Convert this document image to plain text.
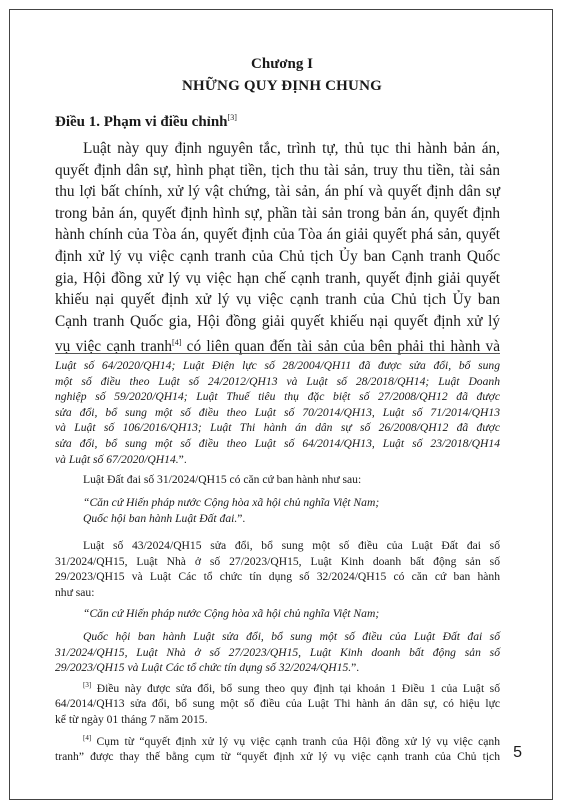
Chương I
NHỮNG QUY ĐỊNH CHUNG
Điều 1. Phạm vi điều chỉnh[3]
Luật này quy định nguyên tắc, trình tự, thủ tục thi hành bản án,
quyết định dân sự, hình phạt tiền, tịch thu tài sản, truy thu tiền, tài sản
thu lợi bất chính, xử lý vật chứng, tài sản, án phí và quyết định dân sự
trong bản án, quyết định hình sự, phần tài sản trong bản án, quyết định
hành chính của Tòa án, quyết định của Tòa án giải quyết phá sản, quyết
định xử lý vụ việc cạnh tranh của Chủ tịch Ủy ban Cạnh tranh Quốc
gia, Hội đồng xử lý vụ việc hạn chế cạnh tranh, quyết định giải quyết
khiếu nại quyết định xử lý vụ việc cạnh tranh của Chủ tịch Ủy ban
Cạnh tranh Quốc gia, Hội đồng giải quyết khiếu nại quyết định xử lý
vụ việc cạnh tranh[4] có liên quan đến tài sản của bên phải thi hành và
Luật số 64/2020/QH14; Luật Điện lực số 28/2004/QH11 đã được sửa đổi, bổ sung
một số điều theo Luật số 24/2012/QH13 và Luật số 28/2018/QH14; Luật Doanh
nghiệp số 59/2020/QH14; Luật Thuế tiêu thụ đặc biệt số 27/2008/QH12 đã được
sửa đổi, bổ sung một số điều theo Luật số 70/2014/QH13, Luật số 71/2014/QH13
và Luật số 106/2016/QH13; Luật Thi hành án dân sự số 26/2008/QH12 đã được
sửa đổi, bổ sung một số điều theo Luật số 64/2014/QH13, Luật số 23/2018/QH14
và Luật số 67/2020/QH14.”.
Luật Đất đai số 31/2024/QH15 có căn cứ ban hành như sau:
“Căn cứ Hiến pháp nước Cộng hòa xã hội chủ nghĩa Việt Nam;
Quốc hội ban hành Luật Đất đai.”.
Luật số 43/2024/QH15 sửa đổi, bổ sung một số điều của Luật Đất đai số
31/2024/QH15, Luật Nhà ở số 27/2023/QH15, Luật Kinh doanh bất động sản số
29/2023/QH15 và Luật Các tổ chức tín dụng số 32/2024/QH15 có căn cứ ban hành
như sau:
“Căn cứ Hiến pháp nước Cộng hòa xã hội chủ nghĩa Việt Nam;
Quốc hội ban hành Luật sửa đổi, bổ sung một số điều của Luật Đất đai số
31/2024/QH15, Luật Nhà ở số 27/2023/QH15, Luật Kinh doanh bất động sản số
29/2023/QH15 và Luật Các tổ chức tín dụng số 32/2024/QH15.”.
[3] Điều này được sửa đổi, bổ sung theo quy định tại khoản 1 Điều 1 của Luật số
64/2014/QH13 sửa đổi, bổ sung một số điều của Luật Thi hành án dân sự, có hiệu lực
kể từ ngày 01 tháng 7 năm 2015.
[4] Cụm từ “quyết định xử lý vụ việc cạnh tranh của Hội đồng xử lý vụ việc cạnh
tranh” được thay thế bằng cụm từ “quyết định xử lý vụ việc cạnh tranh của Chủ tịch 5
